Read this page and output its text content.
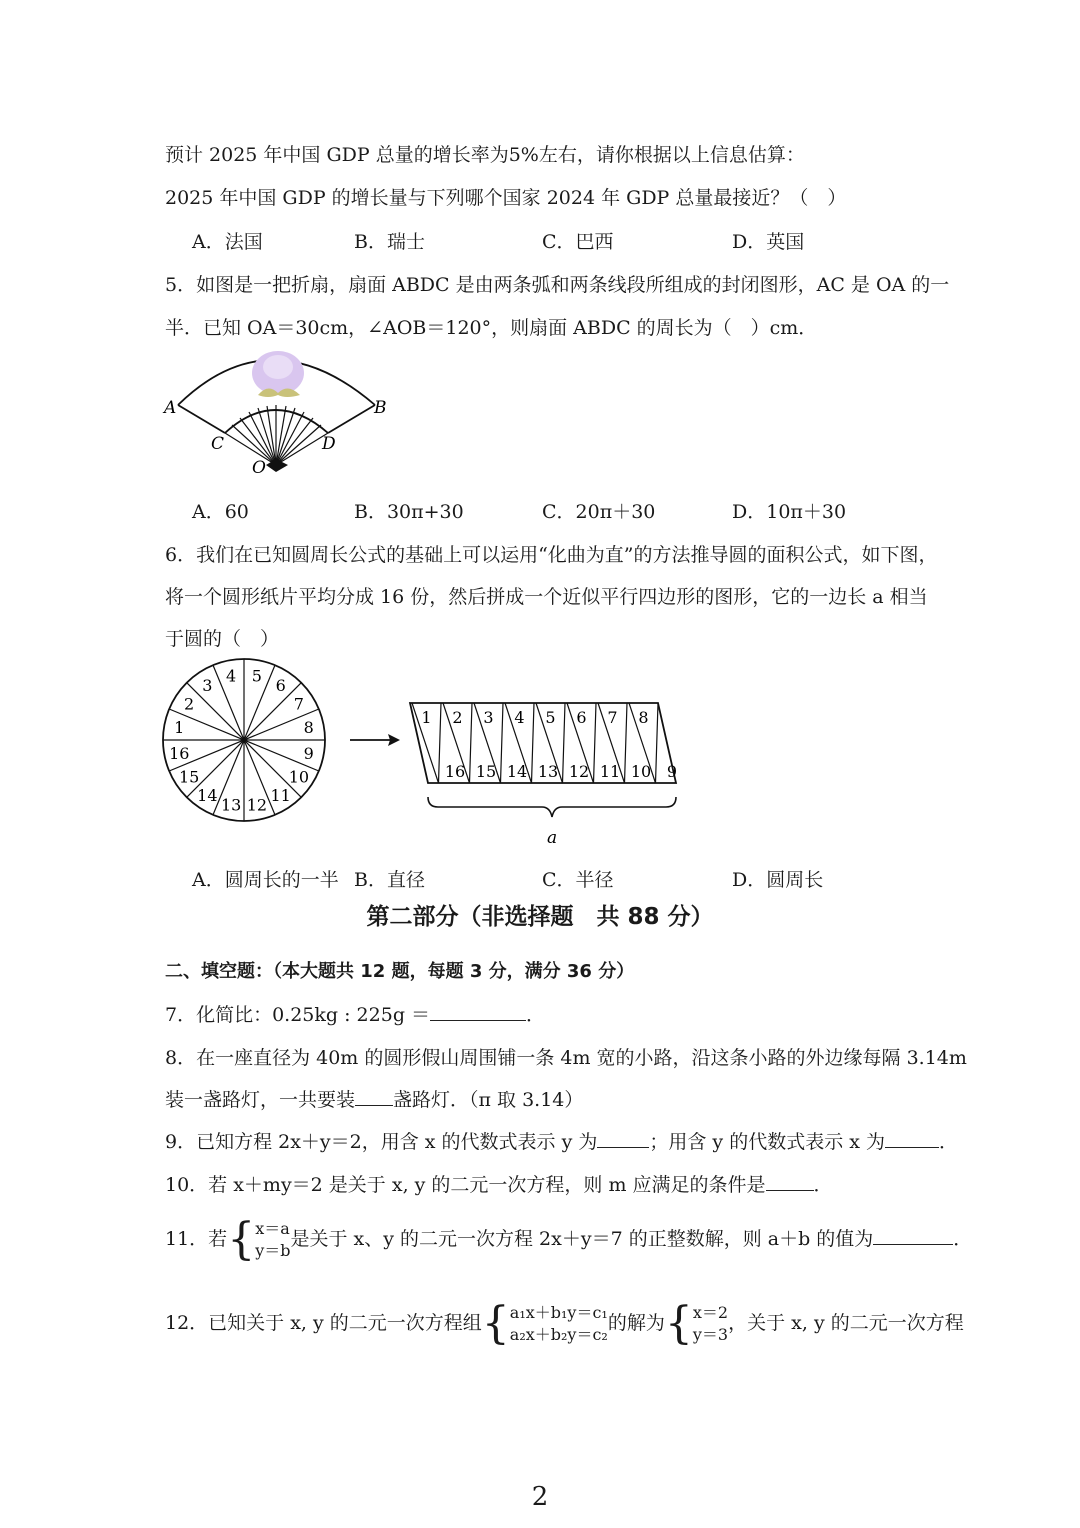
预计 2025 年中国 GDP 总量的增长率为5%左右，请你根据以上信息估算：
2025 年中国 GDP 的增长量与下列哪个国家 2024 年 GDP 总量最接近？（　）
A．法国	B．瑞士	C．巴西	D．英国
5．如图是一把折扇，扇面 ABDC 是由两条弧和两条线段所组成的封闭图形，AC 是 OA 的一
半．已知 OA＝30cm，∠AOB＝120°，则扇面 ABDC 的周长为（　）cm．
A	B
C	D
O
A．60	B．30π+30	C．20π＋30	D．10π＋30
6．我们在已知圆周长公式的基础上可以运用“化曲为直”的方法推导圆的面积公式，如下图，
将一个圆形纸片平均分成 16 份，然后拼成一个近似平行四边形的图形，它的一边长 a 相当
于圆的（　）
1
2
3
4 5
6
7
8
9
10
11
12
13
14
15
16
1 2 3 4 5 6 7 8
16 15 14 13 12 11 10 9
a
A．圆周长的一半 B．直径	C．半径	D．圆周长
第二部分（非选择题　共 88 分）
二、填空题：（本大题共 12 题，每题 3 分，满分 36 分）
7．化简比：0.25kg : 225g ＝	．
8．在一座直径为 40m 的圆形假山周围铺一条 4m 宽的小路，沿这条小路的外边缘每隔 3.14m
装一盏路灯，一共要装 盏路灯．（π 取 3.14）
9．已知方程 2x＋y＝2，用含 x 的代数式表示 y 为	；用含 y 的代数式表示 x 为	．
10．若 x＋my＝2 是关于 x, y 的二元一次方程，则 m 应满足的条件是	．
11．若{ x＝a
y＝b
是关于 x、y 的二元一次方程 2x＋y＝7 的正整数解，则 a＋b 的值为	．
12．已知关于 x, y 的二元一次方程组{ a₁x＋b₁y＝c₁
a₂x＋b₂y＝c₂
的解为{ x＝2
y＝3
，关于 x, y 的二元一次方程
2
